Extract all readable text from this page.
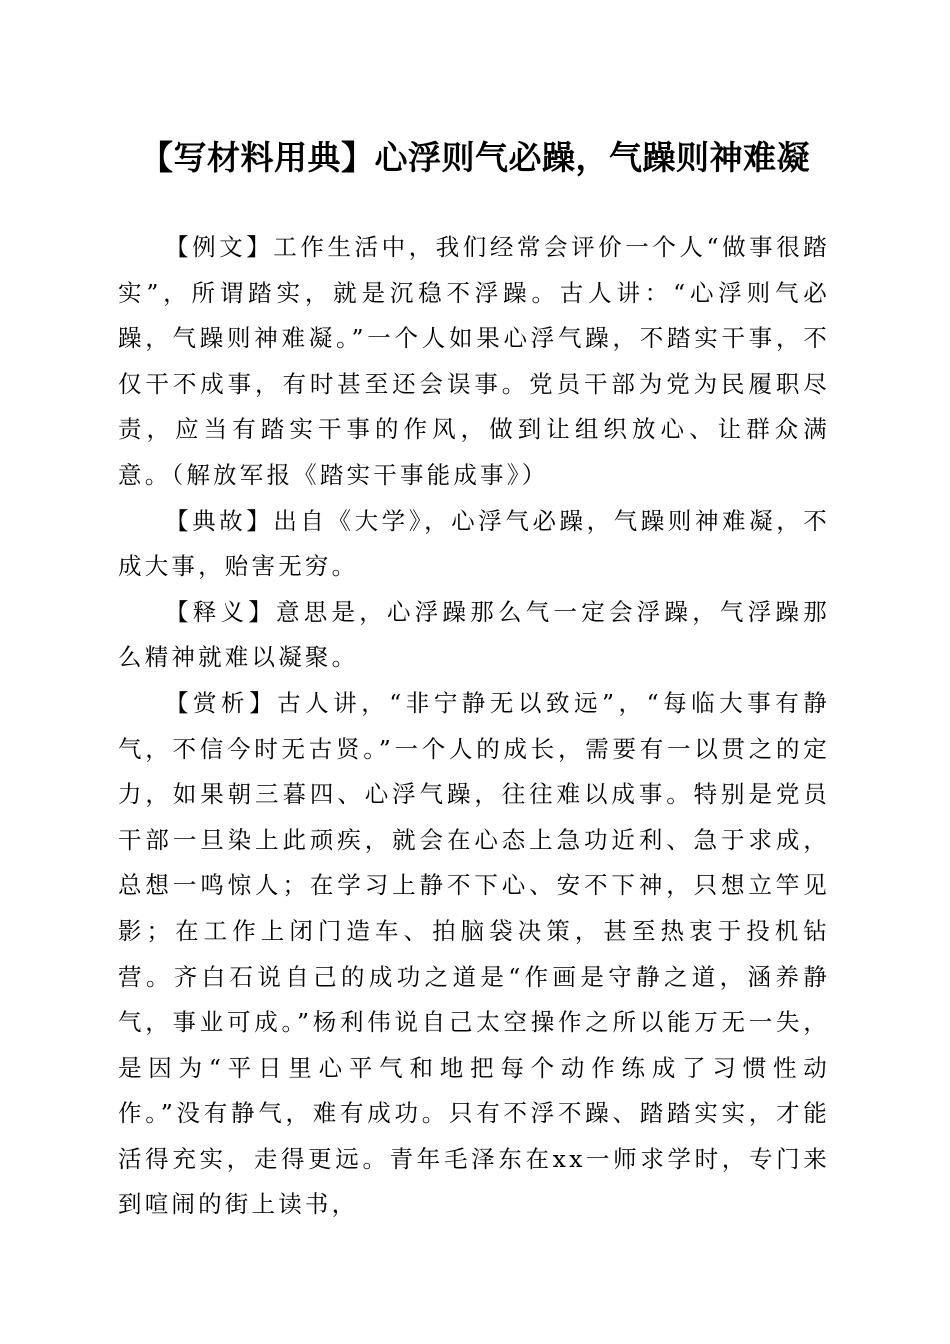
【写材料用典】心浮则气必躁，气躁则神难凝

【例文】工作生活中，我们经常会评价一个人“做事很踏实”，所谓踏实，就是沉稳不浮躁。古人讲：“心浮则气必躁，气躁则神难凝。”一个人如果心浮气躁，不踏实干事，不仅干不成事，有时甚至还会误事。党员干部为党为民履职尽责，应当有踏实干事的作风，做到让组织放心、让群众满意。（解放军报《踏实干事能成事》）

【典故】出自《大学》，心浮气必躁，气躁则神难凝，不成大事，贻害无穷。

【释义】意思是，心浮躁那么气一定会浮躁，气浮躁那么精神就难以凝聚。

【赏析】古人讲，“非宁静无以致远”，“每临大事有静气，不信今时无古贤。”一个人的成长，需要有一以贯之的定力，如果朝三暮四、心浮气躁，往往难以成事。特别是党员干部一旦染上此顽疾，就会在心态上急功近利、急于求成，总想一鸣惊人；在学习上静不下心、安不下神，只想立竿见影；在工作上闭门造车、拍脑袋决策，甚至热衷于投机钻营。齐白石说自己的成功之道是“作画是守静之道，涵养静气，事业可成。”杨利伟说自己太空操作之所以能万无一失，是因为“平日里心平气和地把每个动作练成了习惯性动作。”没有静气，难有成功。只有不浮不躁、踏踏实实，才能活得充实，走得更远。青年毛泽东在xx一师求学时，专门来到喧闹的街上读书，
